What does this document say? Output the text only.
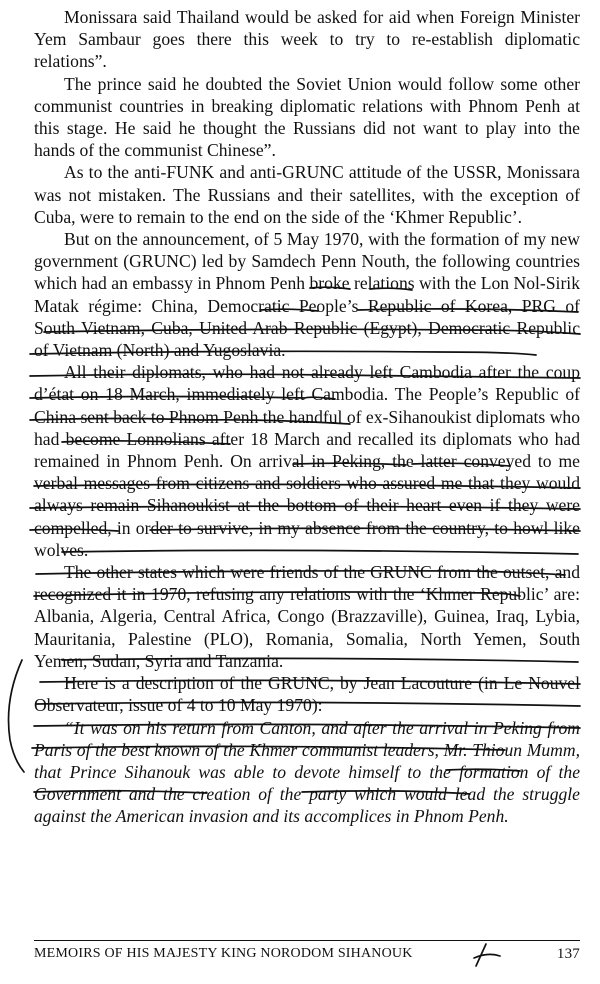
Monissara said Thailand would be asked for aid when Foreign Minister Yem Sambaur goes there this week to try to re-establish diplomatic relations”.

The prince said he doubted the Soviet Union would follow some other communist countries in breaking diplomatic relations with Phnom Penh at this stage. He said he thought the Russians did not want to play into the hands of the communist Chinese”.

As to the anti-FUNK and anti-GRUNC attitude of the USSR, Monissara was not mistaken. The Russians and their satellites, with the exception of Cuba, were to remain to the end on the side of the ‘Khmer Republic’.

But on the announcement, of 5 May 1970, with the formation of my new government (GRUNC) led by Samdech Penn Nouth, the following countries which had an embassy in Phnom Penh broke relations with the Lon Nol-Sirik Matak régime: China, Democratic People’s Republic of Korea, PRG of South Vietnam, Cuba, United Arab Republic (Egypt), Democratic Republic of Vietnam (North) and Yugoslavia.

All their diplomats, who had not already left Cambodia after the coup d’état on 18 March, immediately left Cambodia. The People’s Republic of China sent back to Phnom Penh the handful of ex-Sihanoukist diplomats who had become Lonnolians after 18 March and recalled its diplomats who had remained in Phnom Penh. On arrival in Peking, the latter conveyed to me verbal messages from citizens and soldiers who assured me that they would always remain Sihanoukist at the bottom of their heart even if they were compelled, in order to survive, in my absence from the country, to howl like wolves.

The other states which were friends of the GRUNC from the outset, and recognized it in 1970, refusing any relations with the ‘Khmer Republic’ are: Albania, Algeria, Central Africa, Congo (Brazzaville), Guinea, Iraq, Lybia, Mauritania, Palestine (PLO), Romania, Somalia, North Yemen, South Yemen, Sudan, Syria and Tanzania.

Here is a description of the GRUNC, by Jean Lacouture (in Le Nouvel Observateur, issue of 4 to 10 May 1970):

“It was on his return from Canton, and after the arrival in Peking from Paris of the best known of the Khmer communist leaders, Mr. Thioun Mumm, that Prince Sihanouk was able to devote himself to the formation of the Government and the creation of the party which would lead the struggle against the American invasion and its accomplices in Phnom Penh.

MEMOIRS OF HIS MAJESTY KING NORODOM SIHANOUK	137
